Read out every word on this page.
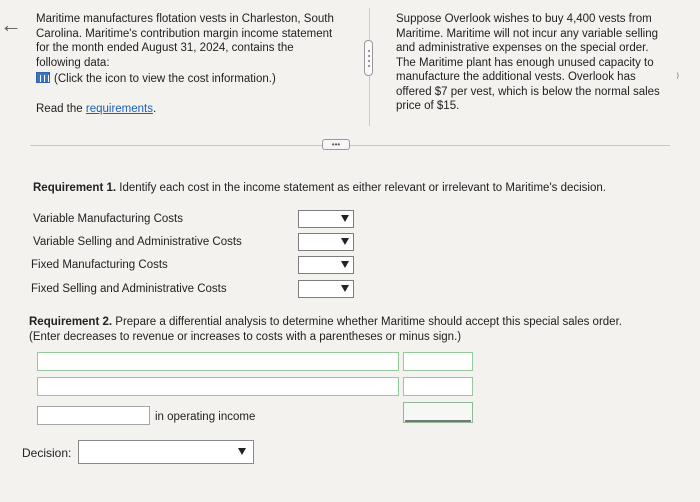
← Maritime manufactures flotation vests in Charleston, South Carolina. Maritime's contribution margin income statement for the month ended August 31, 2024, contains the following data:
(Click the icon to view the cost information.)
Read the requirements.
Suppose Overlook wishes to buy 4,400 vests from Maritime. Maritime will not incur any variable selling and administrative expenses on the special order. The Maritime plant has enough unused capacity to manufacture the additional vests. Overlook has offered $7 per vest, which is below the normal sales price of $15.
⁾
•••
Requirement 1. Identify each cost in the income statement as either relevant or irrelevant to Maritime's decision.
Variable Manufacturing Costs
Variable Selling and Administrative Costs
Fixed Manufacturing Costs
Fixed Selling and Administrative Costs
Requirement 2. Prepare a differential analysis to determine whether Maritime should accept this special sales order.
(Enter decreases to revenue or increases to costs with a parentheses or minus sign.)
in operating income
Decision:
